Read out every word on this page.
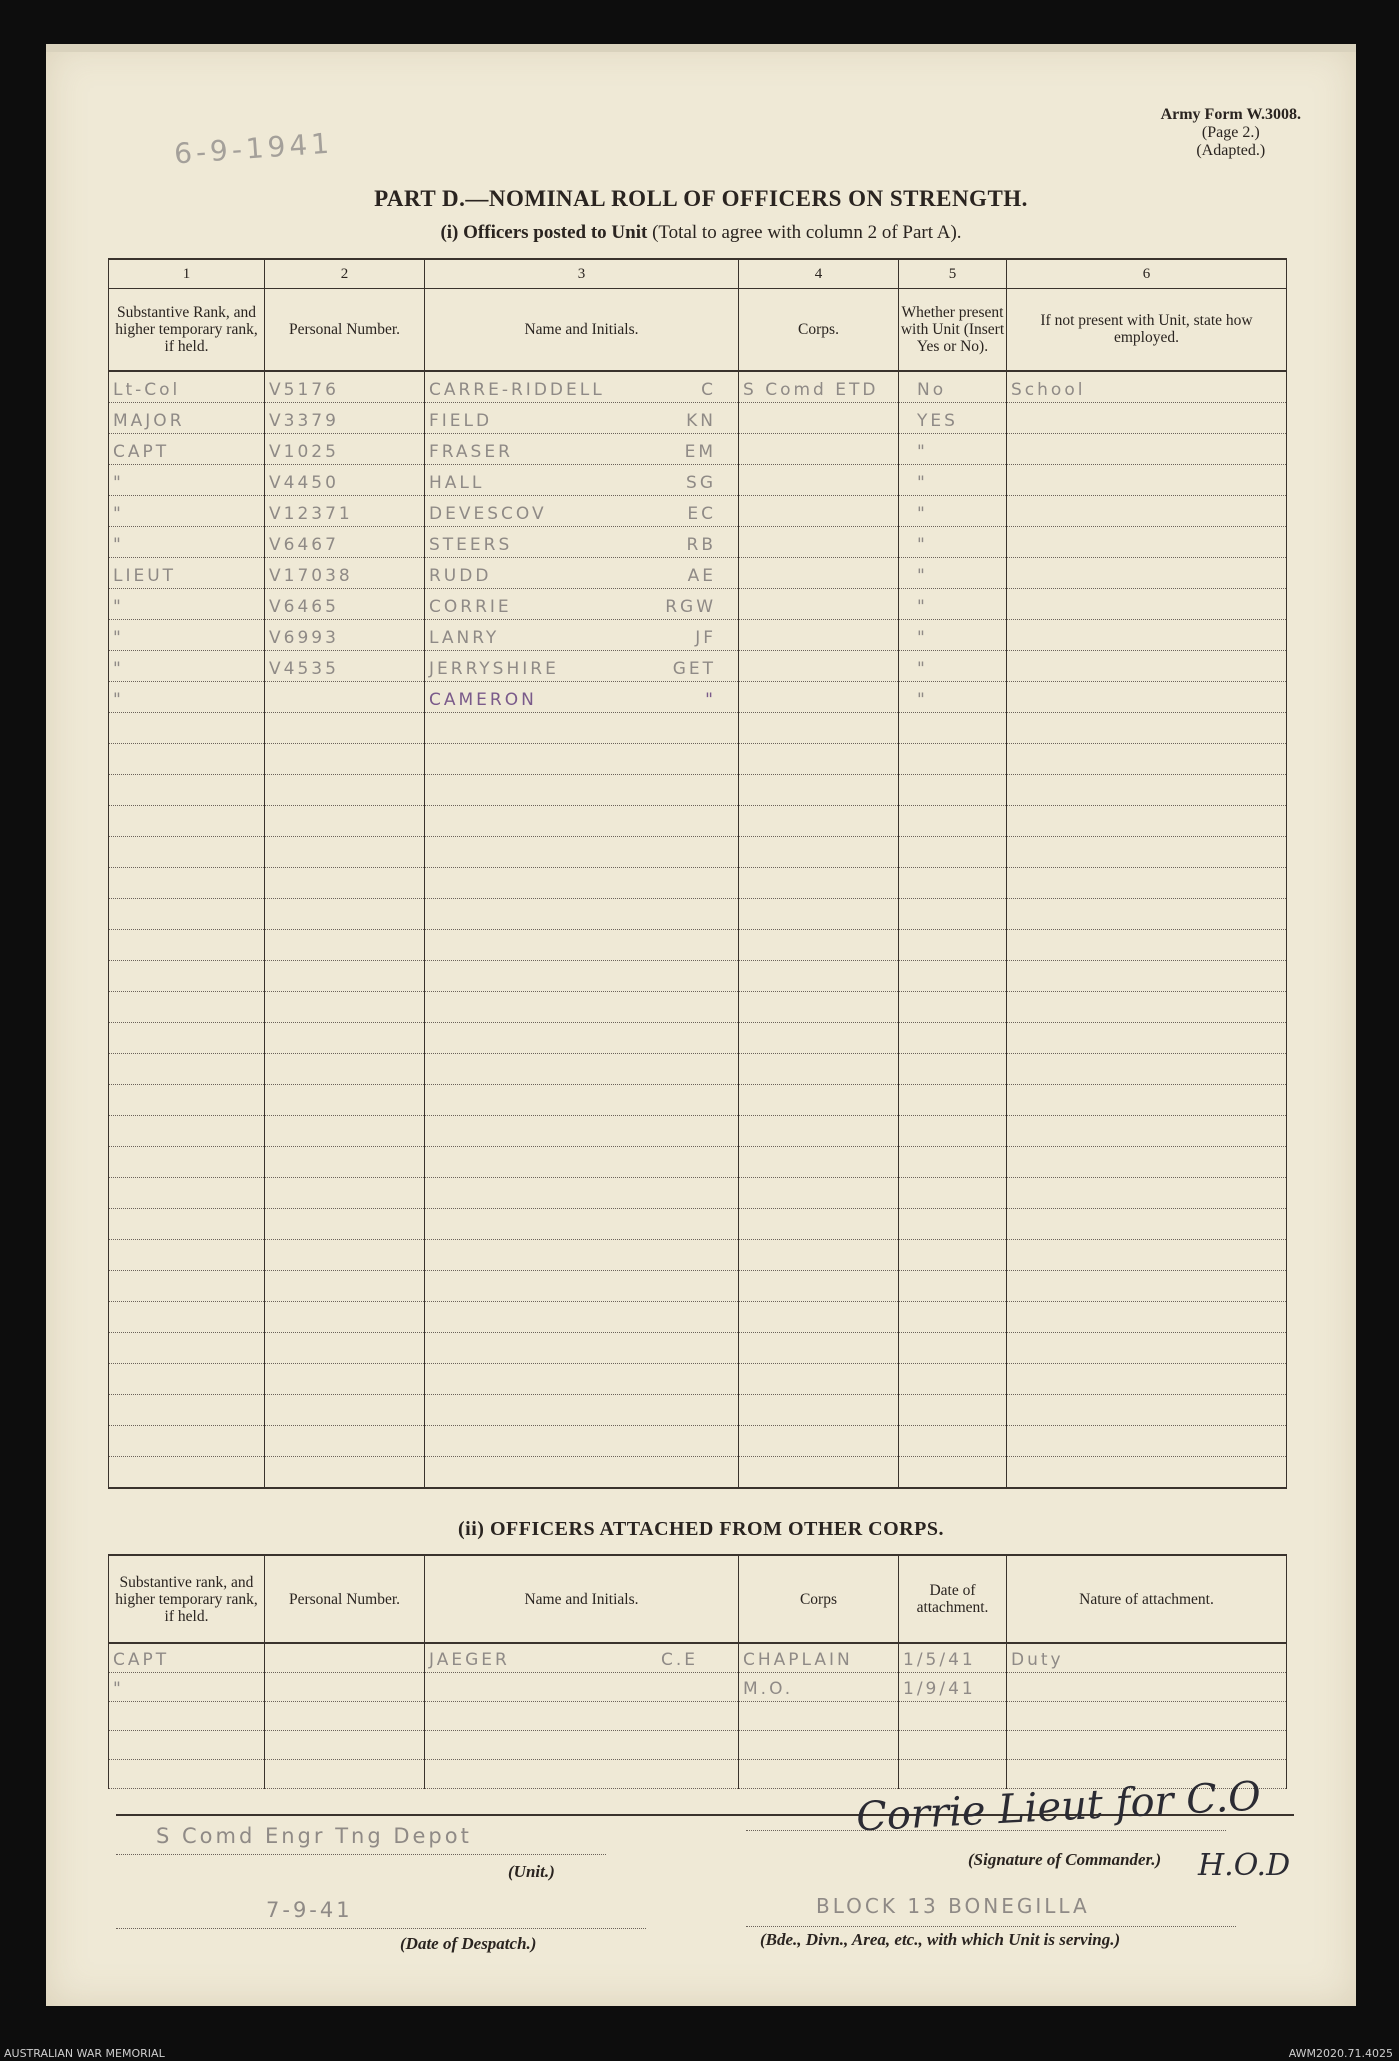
6-9-1941
Army Form W.3008.
(Page 2.)
(Adapted.)
PART D.—NOMINAL ROLL OF OFFICERS ON STRENGTH.
(i) Officers posted to Unit (Total to agree with column 2 of Part A).
1	2	3	4	5	6
Substantive Rank, and higher temporary rank, if held.	Personal Number.	Name and Initials.	Corps.	Whether present with Unit (Insert Yes or No).	If not present with Unit, state how employed.

Lt-Col	V5176	CARRE-RIDDELL C	S Comd ETD	No	School

MAJOR	V3379	FIELD KN		YES	

CAPT	V1025	FRASER EM		"	

"	V4450	HALL SG		"	

"	V12371	DEVESCOV EC		"	

"	V6467	STEERS RB		"	

LIEUT	V17038	RUDD AE		"	

"	V6465	CORRIE RGW		"	

"	V6993	LANRY JF		"	

"	V4535	JERRYSHIRE GET		"	

"		CAMERON "		"	

(ii) OFFICERS ATTACHED FROM OTHER CORPS.
Substantive rank, and higher temporary rank, if held.	Personal Number.	Name and Initials.	Corps	Date of attachment.	Nature of attachment.

CAPT		JAEGER C.E	CHAPLAIN	1/5/41	Duty

"			M.O.	1/9/41	

S Comd Engr Tng Depot
(Unit.)
Corrie Lieut for C.O
H.O.D
(Signature of Commander.)
7-9-41
(Date of Despatch.)
BLOCK 13 BONEGILLA
(Bde., Divn., Area, etc., with which Unit is serving.)
AUSTRALIAN WAR MEMORIAL	AWM2020.71.4025
